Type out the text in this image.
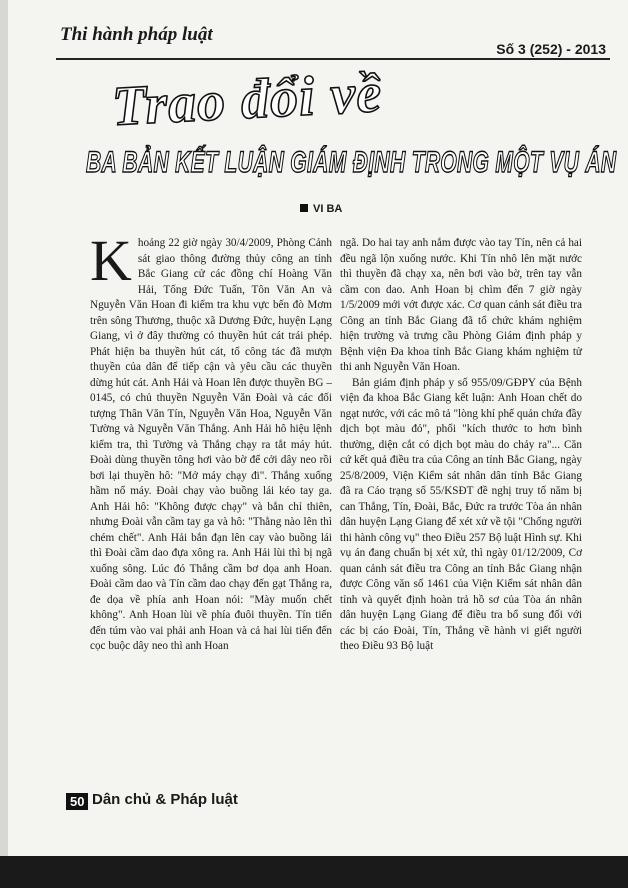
Thi hành pháp luật
Số 3 (252) - 2013
Trao đổi về
BA BẢN KẾT LUẬN GIÁM ĐỊNH TRONG MỘT VỤ ÁN
VI BA

Khoảng 22 giờ ngày 30/4/2009, Phòng Cảnh sát giao thông đường thủy công an tỉnh Bắc Giang cử các đồng chí Hoàng Văn Hải, Tống Đức Tuấn, Tôn Văn An và Nguyễn Văn Hoan đi kiểm tra khu vực bến đò Mơm trên sông Thương, thuộc xã Dương Đức, huyện Lạng Giang, vì ở đây thường có thuyền hút cát trái phép. Phát hiện ba thuyền hút cát, tổ công tác đã mượn thuyền của dân để tiếp cận và yêu cầu các thuyền dừng hút cát. Anh Hải và Hoan lên được thuyền BG – 0145, có chủ thuyền Nguyễn Văn Đoài và các đối tượng Thân Văn Tín, Nguyễn Văn Hoa, Nguyễn Văn Tường và Nguyễn Văn Thắng. Anh Hải hô hiệu lệnh kiểm tra, thì Tường và Thắng chạy ra tắt máy hút. Đoài dùng thuyền tông hơi vào bờ để cởi dây neo rồi bơi lại thuyền hô: "Mở máy chạy đi". Thắng xuống hầm nổ máy. Đoài chạy vào buồng lái kéo tay ga. Anh Hải hô: "Không được chạy" và bắn chỉ thiên, nhưng Đoài vẫn cầm tay ga và hô: "Thằng nào lên thì chém chết". Anh Hải bắn đạn lên cay vào buồng lái thì Đoài cầm dao đựa xông ra. Anh Hải lùi thì bị ngã xuống sông. Lúc đó Thắng cầm bơ dọa anh Hoan. Đoài cầm dao và Tín cầm dao chạy đến gạt Thắng ra, đe dọa về phía anh Hoan nói: "Mày muốn chết không". Anh Hoan lùi về phía đuôi thuyền. Tín tiến đến túm vào vai phải anh Hoan và cả hai lùi tiến đến cọc buộc dây neo thì anh Hoan

ngã. Do hai tay anh nắm được vào tay Tín, nên cả hai đều ngã lộn xuống nước. Khi Tín nhô lên mặt nước thì thuyền đã chạy xa, nên bơi vào bờ, trên tay vẫn cầm con dao. Anh Hoan bị chìm đến 7 giờ ngày 1/5/2009 mới vớt được xác. Cơ quan cảnh sát điều tra Công an tỉnh Bắc Giang đã tổ chức khám nghiệm hiện trường và trưng cầu Phòng Giám định pháp y Bệnh viện Đa khoa tỉnh Bắc Giang khám nghiệm tử thi anh Nguyễn Văn Hoan.

Bản giám định pháp y số 955/09/GĐPY của Bệnh viện đa khoa Bắc Giang kết luận: Anh Hoan chết do ngạt nước, với các mô tả "lòng khí phế quản chứa đầy dịch bọt màu đỏ", phổi "kích thước to hơn bình thường, diện cắt có dịch bọt màu do chảy ra"... Căn cứ kết quả điều tra của Công an tỉnh Bắc Giang, ngày 25/8/2009, Viện Kiểm sát nhân dân tỉnh Bắc Giang đã ra Cáo trạng số 55/KSĐT đề nghị truy tố năm bị can Thắng, Tín, Đoài, Bắc, Đức ra trước Tòa án nhân dân huyện Lạng Giang để xét xử về tội "Chống người thi hành công vụ" theo Điều 257 Bộ luật Hình sự. Khi vụ án đang chuẩn bị xét xử, thì ngày 01/12/2009, Cơ quan cảnh sát điều tra Công an tỉnh Bắc Giang nhận được Công văn số 1461 của Viện Kiểm sát nhân dân tỉnh và quyết định hoàn trả hồ sơ của Tòa án nhân dân huyện Lạng Giang để điều tra bổ sung đối với các bị cáo Đoài, Tín, Thắng về hành vi giết người theo Điều 93 Bộ luật

50 Dân chủ & Pháp luật
